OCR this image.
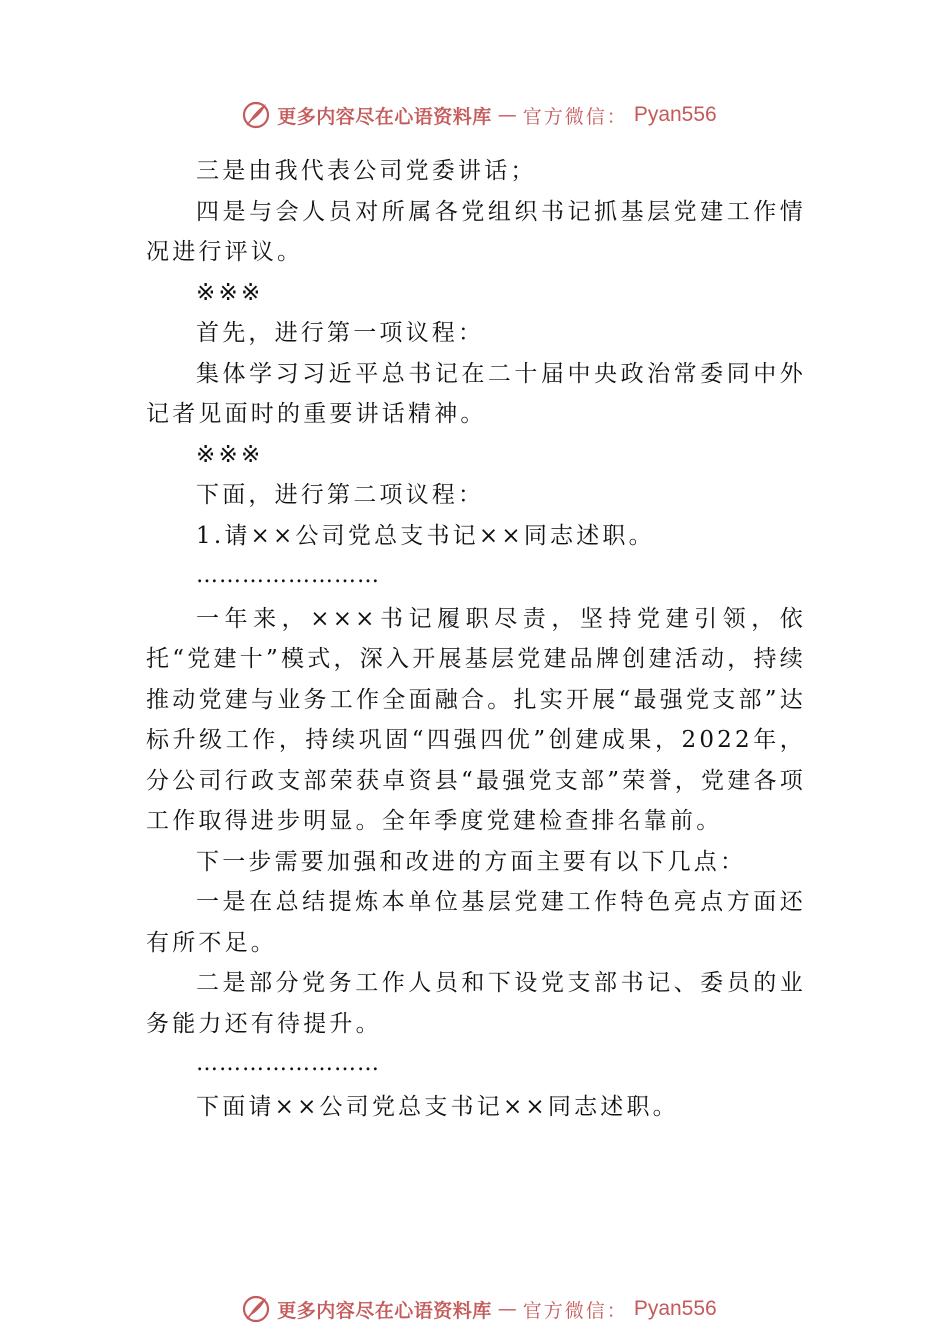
更多内容尽在心语资料库 — 官方微信： Pyan556

三是由我代表公司党委讲话；

四是与会人员对所属各党组织书记抓基层党建工作情况进行评议。

※※※

首先，进行第一项议程：

集体学习习近平总书记在二十届中央政治常委同中外记者见面时的重要讲话精神。

※※※

下面，进行第二项议程：

1.请××公司党总支书记××同志述职。

……………………

一年来，×××书记履职尽责，坚持党建引领，依托“党建十”模式，深入开展基层党建品牌创建活动，持续推动党建与业务工作全面融合。扎实开展“最强党支部”达标升级工作，持续巩固“四强四优”创建成果，2022年，分公司行政支部荣获卓资县“最强党支部”荣誉，党建各项工作取得进步明显。全年季度党建检查排名靠前。

下一步需要加强和改进的方面主要有以下几点：

一是在总结提炼本单位基层党建工作特色亮点方面还有所不足。

二是部分党务工作人员和下设党支部书记、委员的业务能力还有待提升。

……………………

下面请××公司党总支书记××同志述职。

更多内容尽在心语资料库 — 官方微信： Pyan556
